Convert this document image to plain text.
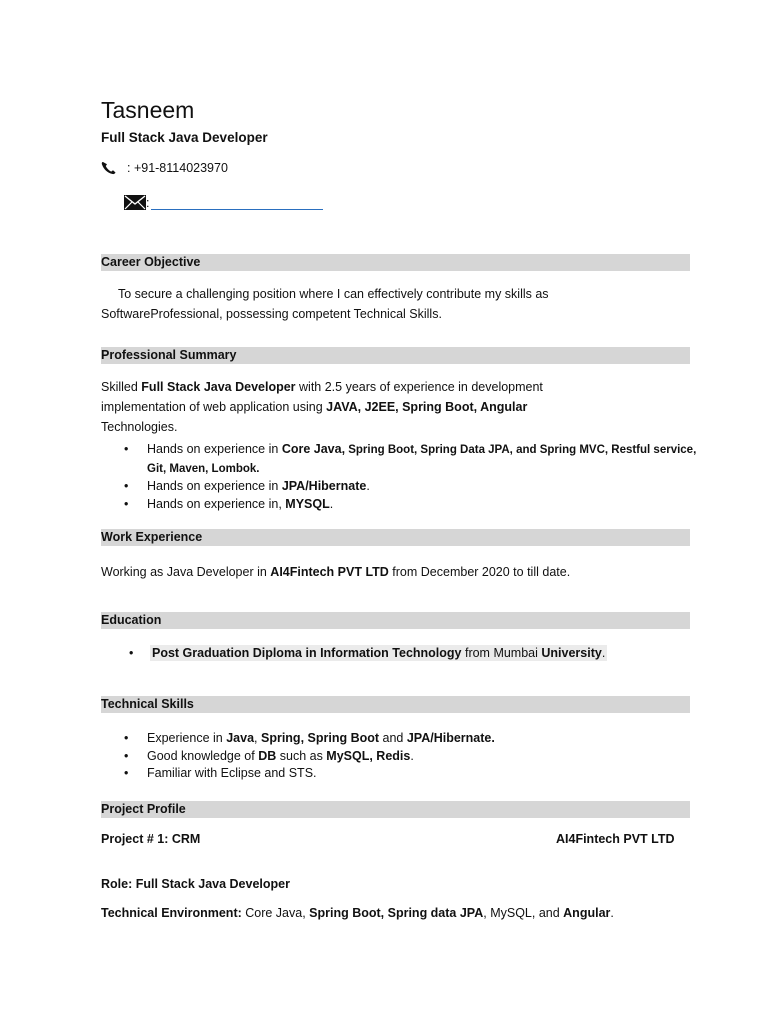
Tasneem
Full Stack Java Developer
: +91-8114023970
:
Career Objective
To secure a challenging position where I can effectively contribute my skills as
SoftwareProfessional, possessing competent Technical Skills.
Professional Summary
Skilled Full Stack Java Developer with 2.5 years of experience in development
implementation of web application using JAVA, J2EE, Spring Boot, Angular
Technologies.
• Hands on experience in Core Java, Spring Boot, Spring Data JPA, and Spring MVC, Restful service,
Git, Maven, Lombok.
• Hands on experience in JPA/Hibernate.
• Hands on experience in, MYSQL.
Work Experience
Working as Java Developer in AI4Fintech PVT LTD from December 2020 to till date.
Education
• Post Graduation Diploma in Information Technology from Mumbai University.
Technical Skills
• Experience in Java, Spring, Spring Boot and JPA/Hibernate.
• Good knowledge of DB such as MySQL, Redis.
• Familiar with Eclipse and STS.
Project Profile
Project # 1: CRM	AI4Fintech PVT LTD
Role: Full Stack Java Developer
Technical Environment: Core Java, Spring Boot, Spring data JPA, MySQL, and Angular.
